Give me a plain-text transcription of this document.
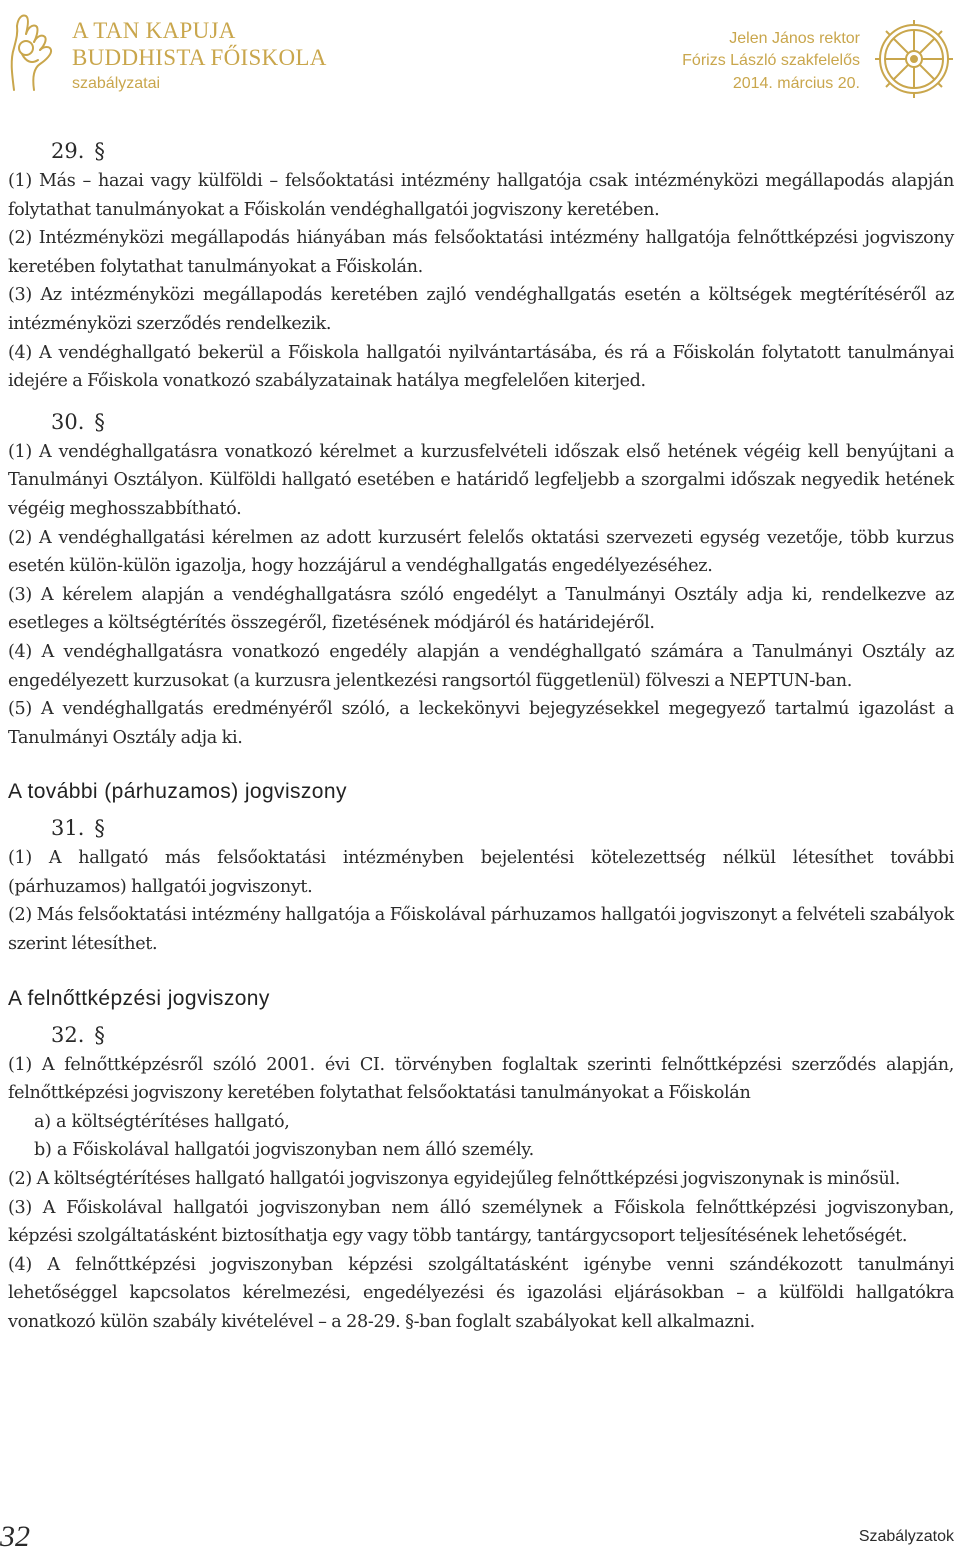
A TAN KAPUJA
BUDDHISTA FŐISKOLA
szabályzatai
Jelen János rektor
Fórizs László szakfelelős
2014. március 20.
29. §

(1) Más – hazai vagy külföldi – felsőoktatási intézmény hallgatója csak intézményközi megállapodás alapján folytathat tanulmányokat a Főiskolán vendéghallgatói jogviszony keretében.

(2) Intézményközi megállapodás hiányában más felsőoktatási intézmény hallgatója felnőttképzési jogviszony keretében folytathat tanulmányokat a Főiskolán.

(3) Az intézményközi megállapodás keretében zajló vendéghallgatás esetén a költségek megtérítéséről az intézményközi szerződés rendelkezik.

(4) A vendéghallgató bekerül a Főiskola hallgatói nyilvántartásába, és rá a Főiskolán folytatott tanulmányai idejére a Főiskola vonatkozó szabályzatainak hatálya megfelelően kiterjed.

30. §

(1) A vendéghallgatásra vonatkozó kérelmet a kurzusfelvételi időszak első hetének végéig kell benyújtani a Tanulmányi Osztályon. Külföldi hallgató esetében e határidő legfeljebb a szorgalmi időszak negyedik hetének végéig meghosszabbítható.

(2) A vendéghallgatási kérelmen az adott kurzusért felelős oktatási szervezeti egység vezetője, több kurzus esetén külön-külön igazolja, hogy hozzájárul a vendéghallgatás engedélyezéséhez.

(3) A kérelem alapján a vendéghallgatásra szóló engedélyt a Tanulmányi Osztály adja ki, rendelkezve az esetleges a költségtérítés összegéről, fizetésének módjáról és határidejéről.

(4) A vendéghallgatásra vonatkozó engedély alapján a vendéghallgató számára a Tanulmányi Osztály az engedélyezett kurzusokat (a kurzusra jelentkezési rangsortól függetlenül) fölveszi a NEPTUN-ban.

(5) A vendéghallgatás eredményéről szóló, a leckekönyvi bejegyzésekkel megegyező tartalmú igazolást a Tanulmányi Osztály adja ki.

A további (párhuzamos) jogviszony
31. §

(1) A hallgató más felsőoktatási intézményben bejelentési kötelezettség nélkül létesíthet további (párhuzamos) hallgatói jogviszonyt.

(2) Más felsőoktatási intézmény hallgatója a Főiskolával párhuzamos hallgatói jogviszonyt a felvételi szabályok szerint létesíthet.

A felnőttképzési jogviszony
32. §

(1) A felnőttképzésről szóló 2001. évi CI. törvényben foglaltak szerinti felnőttképzési szerződés alapján, felnőttképzési jogviszony keretében folytathat felsőoktatási tanulmányokat a Főiskolán

a) a költségtérítéses hallgató,

b) a Főiskolával hallgatói jogviszonyban nem álló személy.

(2) A költségtérítéses hallgató hallgatói jogviszonya egyidejűleg felnőttképzési jogviszonynak is minősül.

(3) A Főiskolával hallgatói jogviszonyban nem álló személynek a Főiskola felnőttképzési jogviszonyban, képzési szolgáltatásként biztosíthatja egy vagy több tantárgy, tantárgycsoport teljesítésének lehetőségét.

(4) A felnőttképzési jogviszonyban képzési szolgáltatásként igénybe venni szándékozott tanulmányi lehetőséggel kapcsolatos kérelmezési, engedélyezési és igazolási eljárásokban – a külföldi hallgatókra vonatkozó külön szabály kivételével – a 28-29. §-ban foglalt szabályokat kell alkalmazni.

32	Szabályzatok
